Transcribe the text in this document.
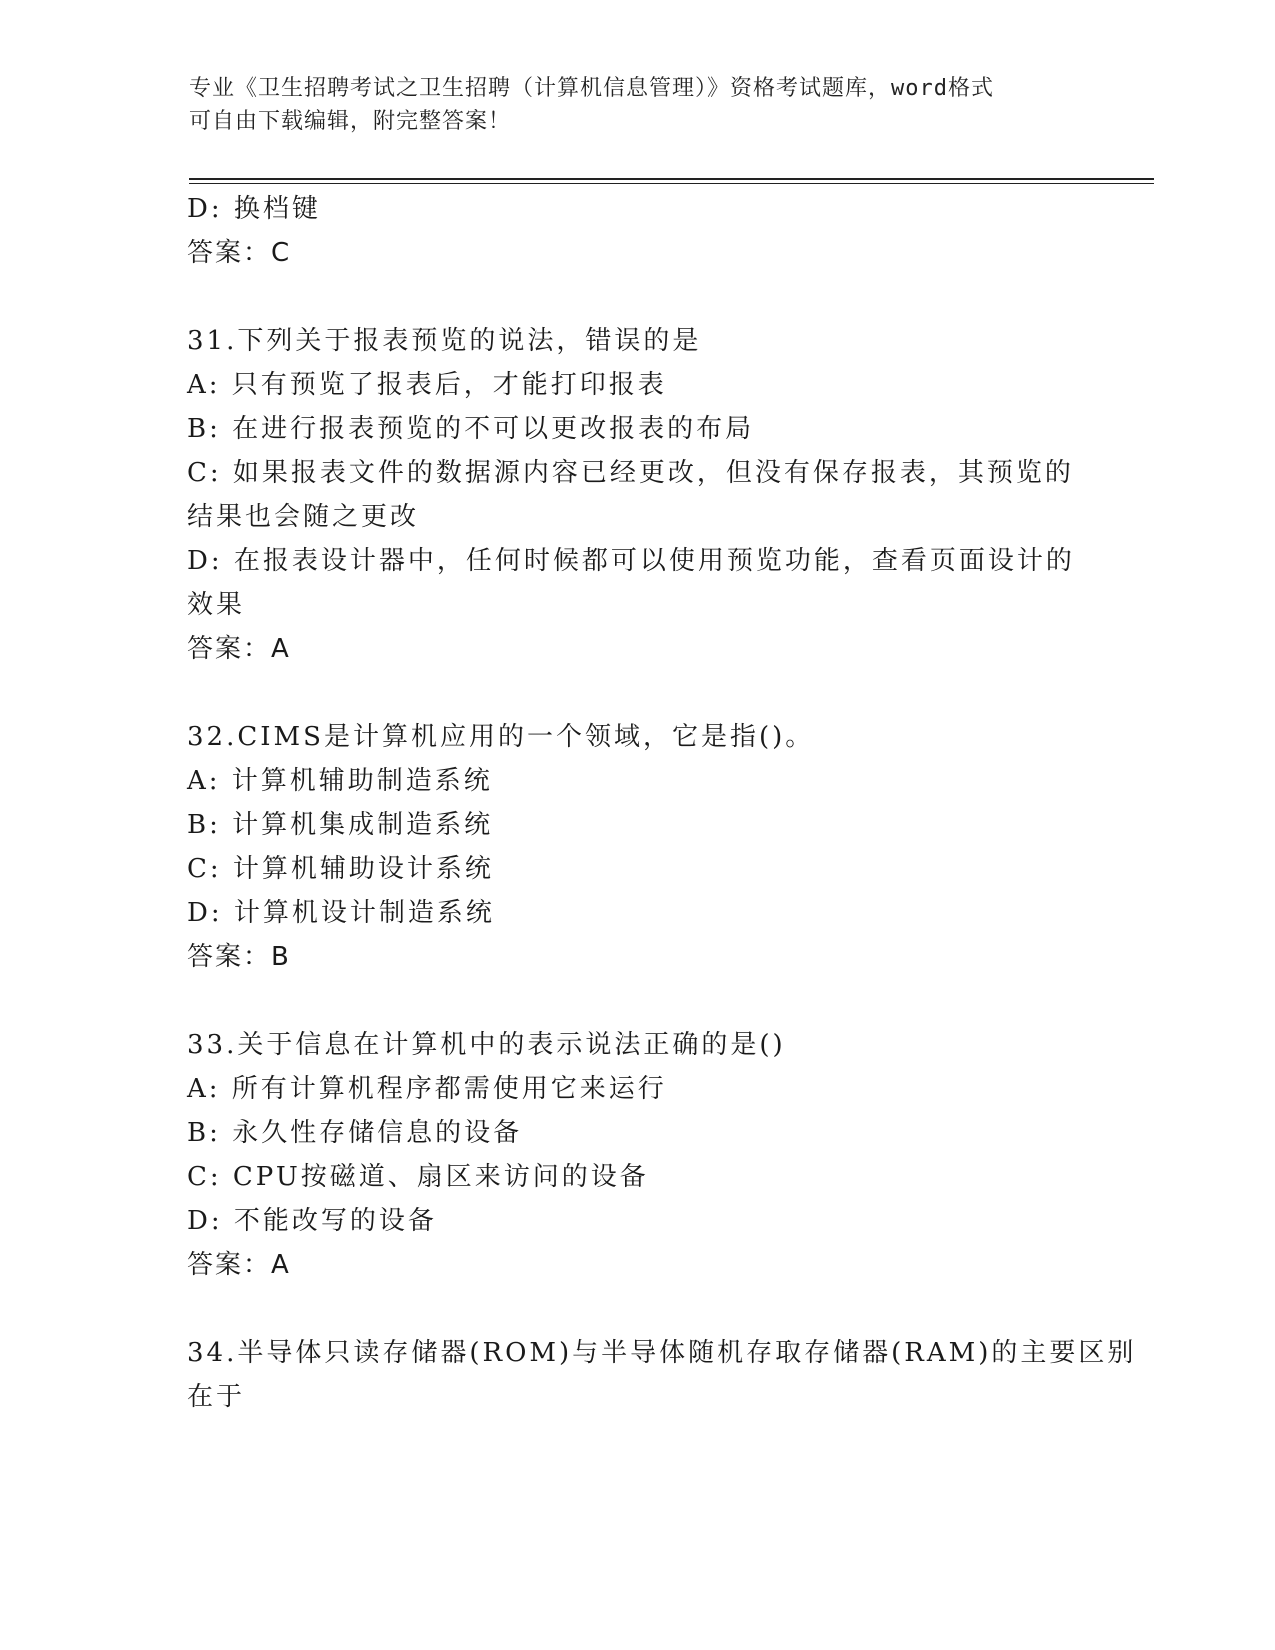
专业《卫生招聘考试之卫生招聘（计算机信息管理）》资格考试题库，word格式
可自由下载编辑，附完整答案！
D: 换档键
答案：C
31.下列关于报表预览的说法，错误的是
A: 只有预览了报表后，才能打印报表
B: 在进行报表预览的不可以更改报表的布局
C: 如果报表文件的数据源内容已经更改，但没有保存报表，其预览的
结果也会随之更改
D: 在报表设计器中，任何时候都可以使用预览功能，查看页面设计的
效果
答案：A
32.CIMS是计算机应用的一个领域，它是指()。
A: 计算机辅助制造系统
B: 计算机集成制造系统
C: 计算机辅助设计系统
D: 计算机设计制造系统
答案：B
33.关于信息在计算机中的表示说法正确的是()
A: 所有计算机程序都需使用它来运行
B: 永久性存储信息的设备
C: CPU按磁道、扇区来访问的设备
D: 不能改写的设备
答案：A
34.半导体只读存储器(ROM)与半导体随机存取存储器(RAM)的主要区别
在于
